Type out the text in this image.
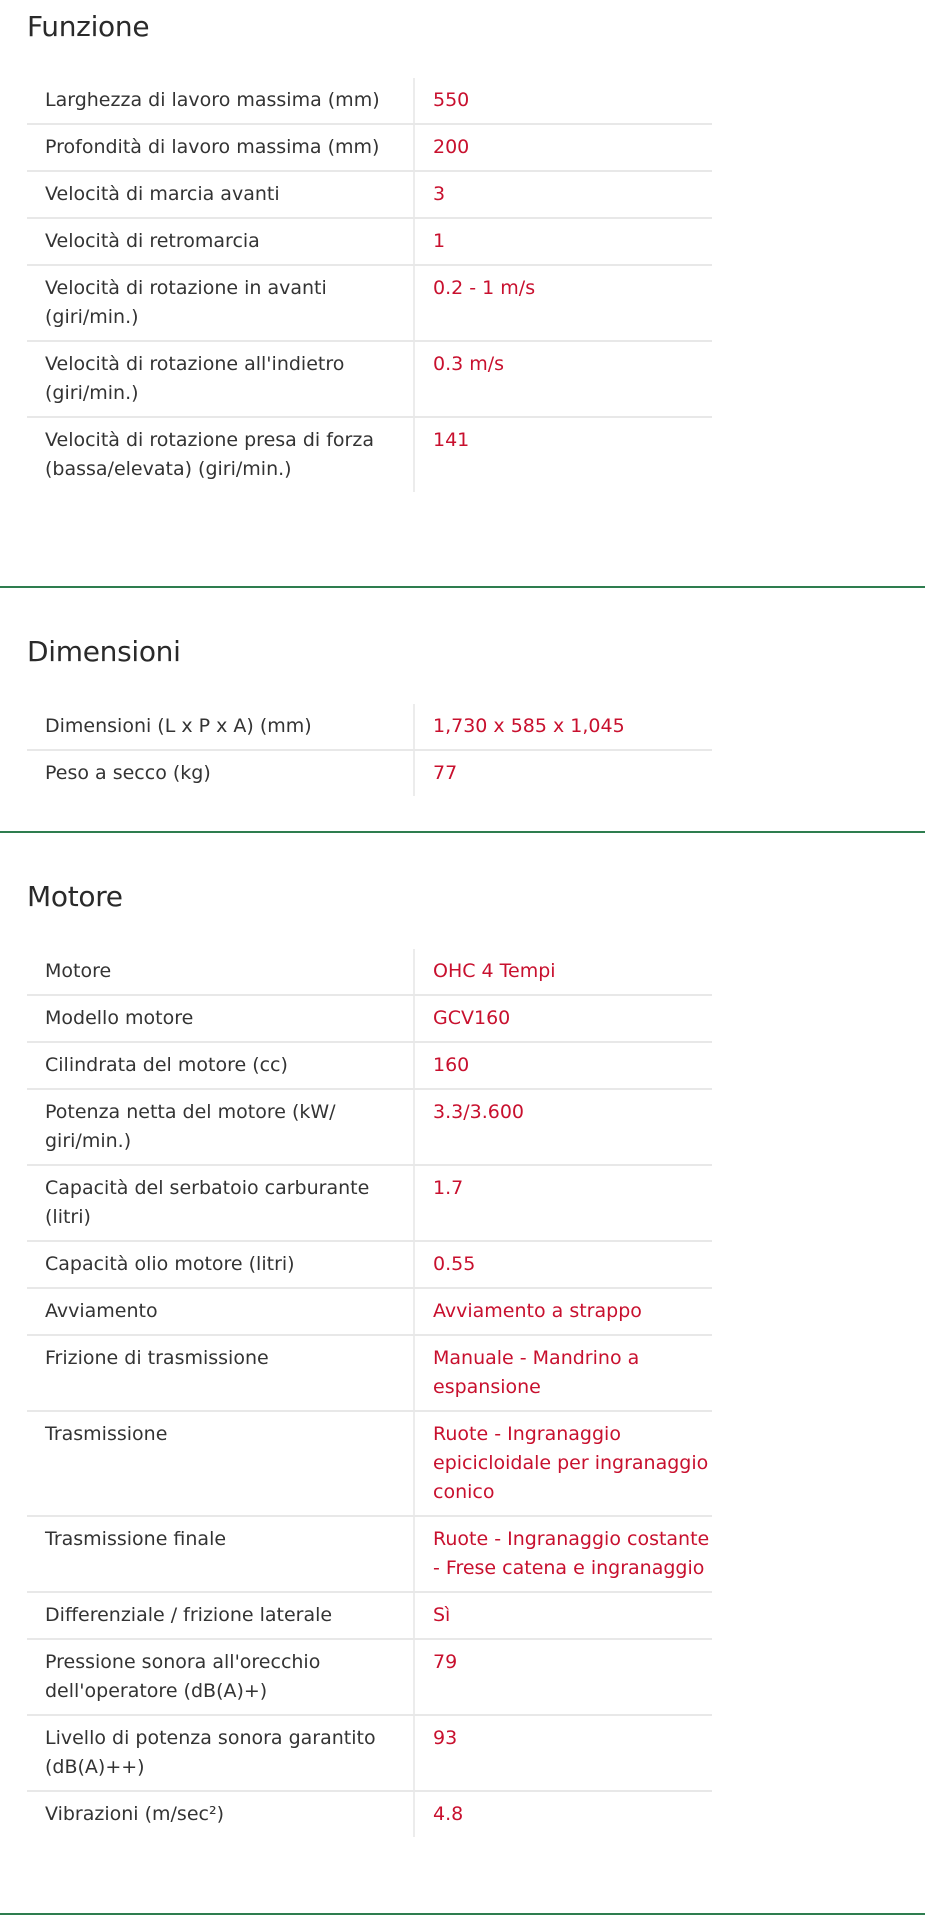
Funzione
Larghezza di lavoro massima (mm)	550
Profondità di lavoro massima (mm)	200
Velocità di marcia avanti	3
Velocità di retromarcia	1
Velocità di rotazione in avanti (giri/min.)	0.2 - 1 m/s
Velocità di rotazione all'indietro (giri/min.)	0.3 m/s
Velocità di rotazione presa di forza (bassa/elevata) (giri/min.)	141
Dimensioni
Dimensioni (L x P x A) (mm)	1,730 x 585 x 1,045
Peso a secco (kg)	77
Motore
Motore	OHC 4 Tempi
Modello motore	GCV160
Cilindrata del motore (cc)	160
Potenza netta del motore (kW/ giri/min.)	3.3/3.600
Capacità del serbatoio carburante (litri)	1.7
Capacità olio motore (litri)	0.55
Avviamento	Avviamento a strappo
Frizione di trasmissione	Manuale - Mandrino a espansione
Trasmissione	Ruote - Ingranaggio epicicloidale per ingranaggio conico
Trasmissione finale	Ruote - Ingranaggio costante - Frese catena e ingranaggio
Differenziale / frizione laterale	Sì
Pressione sonora all'orecchio dell'operatore (dB(A)+)	79
Livello di potenza sonora garantito (dB(A)++)	93
Vibrazioni (m/sec²)	4.8
